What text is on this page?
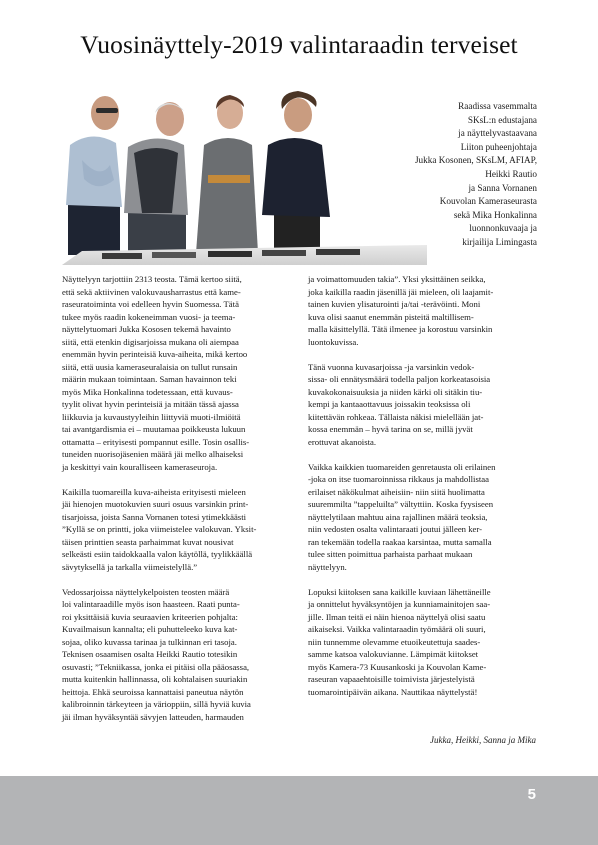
Vuosinäyttely-2019 valintaraadin terveiset
Raadissa vasemmalta
SKsL:n edustajana
ja näyttelyvastaavana
Liiton puheenjohtaja
Jukka Kosonen, SKsLM, AFIAP,
Heikki Rautio
ja Sanna Vornanen
Kouvolan Kameraseurasta
sekä Mika Honkalinna
luonnonkuvaaja ja
kirjailija Limingasta

Näyttelyyn tarjottiin 2313 teosta. Tämä kertoo siitä,
että sekä aktiivinen valokuvausharrastus että kame-
raseuratoiminta voi edelleen hyvin Suomessa. Tätä
tukee myös raadin kokeneimman vuosi- ja teema-
näyttelytuomari Jukka Kososen tekemä havainto
siitä, että etenkin digisarjoissa mukana oli aiempaa
enemmän hyvin perinteisiä kuva-aiheita, mikä kertoo
siitä, että uusia kameraseuralaisia on tullut runsain
määrin mukaan toimintaan. Saman havainnon teki
myös Mika Honkalinna todetessaan, että kuvaus-
tyylit olivat hyvin perinteisiä ja mitään tässä ajassa
liikkuvia ja kuvaustyyleihin liittyviä muoti-ilmiöitä
tai avantgardismia ei – muutamaa poikkeusta lukuun
ottamatta – erityisesti pompannut esille. Tosin osallis-
tuneiden nuorisojäsenien määrä jäi melko alhaiseksi
ja keskittyi vain kouralliseen kameraseuroja.

Kaikilla tuomareilla kuva-aiheista erityisesti mieleen
jäi hienojen muotokuvien suuri osuus varsinkin print-
tisarjoissa, joista Sanna Vornanen totesi ytimekkäästi
”Kyllä se on printti, joka viimeistelee valokuvan. Yksit-
täisen printtien seasta parhaimmat kuvat nousivat
selkeästi esiin taidokkaalla valon käytöllä, tyylikkäällä
sävytyksellä ja tarkalla viimeistelyllä.”

Vedossarjoissa näyttelykelpoisten teosten määrä
loi valintaraadille myös ison haasteen. Raati punta-
roi yksittäisiä kuvia seuraavien kriteerien pohjalta:
Kuvailmaisun kannalta; eli puhutteleeko kuva kat-
sojaa, oliko kuvassa tarinaa ja tulkinnan eri tasoja.
Teknisen osaamisen osalta Heikki Rautio totesikin
osuvasti; ”Tekniikassa, jonka ei pitäisi olla pääosassa,
mutta kuitenkin hallinnassa, oli kohtalaisen suuriakin
heittoja. Ehkä seuroissa kannattaisi paneutua näytön
kalibroinnin tärkeyteen ja värioppiin, sillä hyviä kuvia
jäi ilman hyväksyntää sävyjen latteuden, harmauden

ja voimattomuuden takia”. Yksi yksittäinen seikka,
joka kaikilla raadin jäsenillä jäi mieleen, oli laajamit-
tainen kuvien ylisaturointi ja/tai -terävöinti. Moni
kuva olisi saanut enemmän pisteitä maltillisem-
malla käsittelyllä. Tätä ilmenee ja korostuu varsinkin
luontokuvissa.

Tänä vuonna kuvasarjoissa -ja varsinkin vedok-
sissa- oli ennätysmäärä todella paljon korkeatasoisia
kuvakokonaisuuksia ja niiden kärki oli sitäkin tiu-
kempi ja kantaaottavuus joissakin teoksissa oli
kiitettävän rohkeaa. Tällaista näkisi mielellään jat-
kossa enemmän – hyvä tarina on se, millä jyvät
erottuvat akanoista.

Vaikka kaikkien tuomareiden genretausta oli erilainen
-joka on itse tuomaroinnissa rikkaus ja mahdollistaa
erilaiset näkökulmat aiheisiin- niin siitä huolimatta
suuremmilta ”tappeluilta” vältyttiin. Koska fyysiseen
näyttelytilaan mahtuu aina rajallinen määrä teoksia,
niin vedosten osalta valintaraati joutui jälleen ker-
ran tekemään todella raakaa karsintaa, mutta samalla
tulee sitten poimittua parhaista parhaat mukaan
näyttelyyn.

Lopuksi kiitoksen sana kaikille kuviaan lähettäneille
ja onnittelut hyväksyntöjen ja kunniamainitojen saa-
jille. Ilman teitä ei näin hienoa näyttelyä olisi saatu
aikaiseksi. Vaikka valintaraadin työmäärä oli suuri,
niin tunnemme olevamme etuoikeutettuja saades-
samme katsoa valokuvianne. Lämpimät kiitokset
myös Kamera-73 Kuusankoski ja Kouvolan Kame-
raseuran vapaaehtoisille toimivista järjestelyistä
tuomarointipäivän aikana. Nauttikaa näyttelystä!

Jukka, Heikki, Sanna ja Mika
5
